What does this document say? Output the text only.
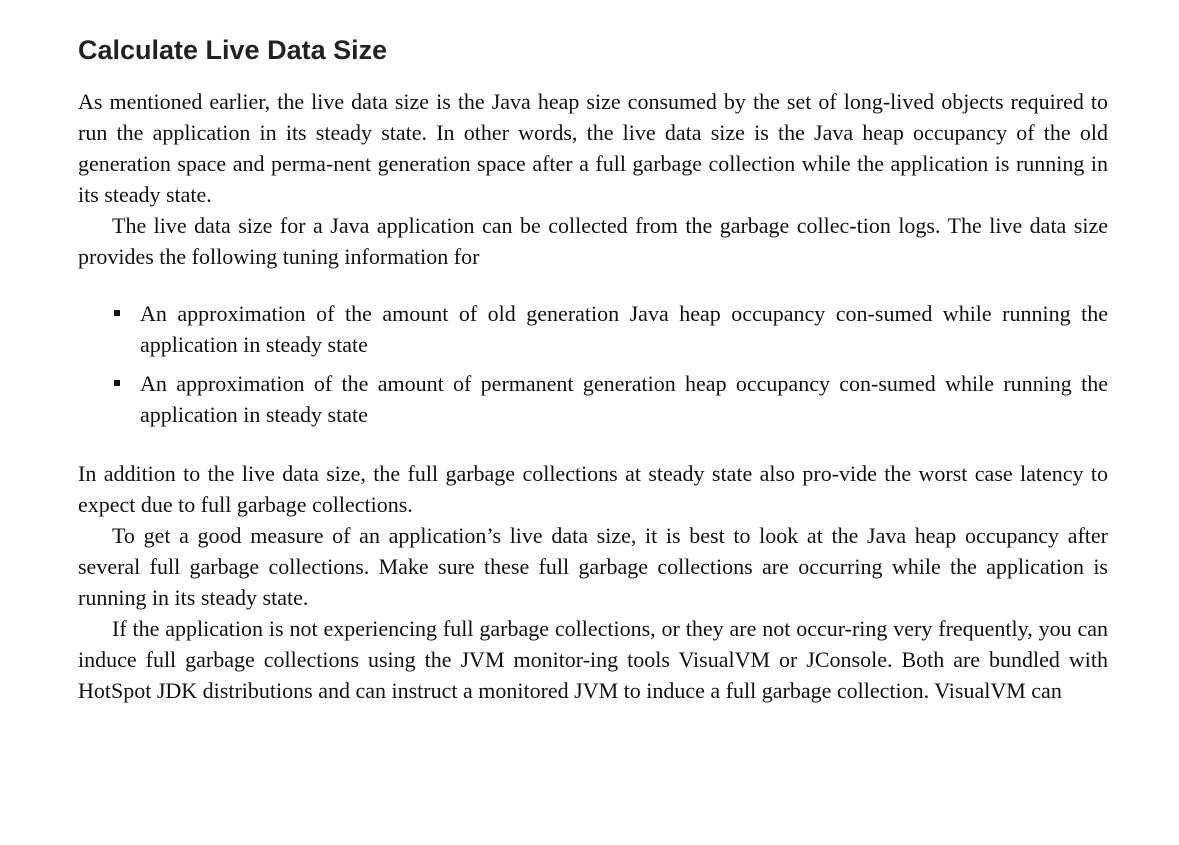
Calculate Live Data Size

As mentioned earlier, the live data size is the Java heap size consumed by the set of long-lived objects required to run the application in its steady state. In other words, the live data size is the Java heap occupancy of the old generation space and perma-nent generation space after a full garbage collection while the application is running in its steady state.

The live data size for a Java application can be collected from the garbage collec-tion logs. The live data size provides the following tuning information for

An approximation of the amount of old generation Java heap occupancy con-sumed while running the application in steady state
An approximation of the amount of permanent generation heap occupancy con-sumed while running the application in steady state

In addition to the live data size, the full garbage collections at steady state also pro-vide the worst case latency to expect due to full garbage collections.

To get a good measure of an application’s live data size, it is best to look at the Java heap occupancy after several full garbage collections. Make sure these full garbage collections are occurring while the application is running in its steady state.

If the application is not experiencing full garbage collections, or they are not occur-ring very frequently, you can induce full garbage collections using the JVM monitor-ing tools VisualVM or JConsole. Both are bundled with HotSpot JDK distributions and can instruct a monitored JVM to induce a full garbage collection. VisualVM can
